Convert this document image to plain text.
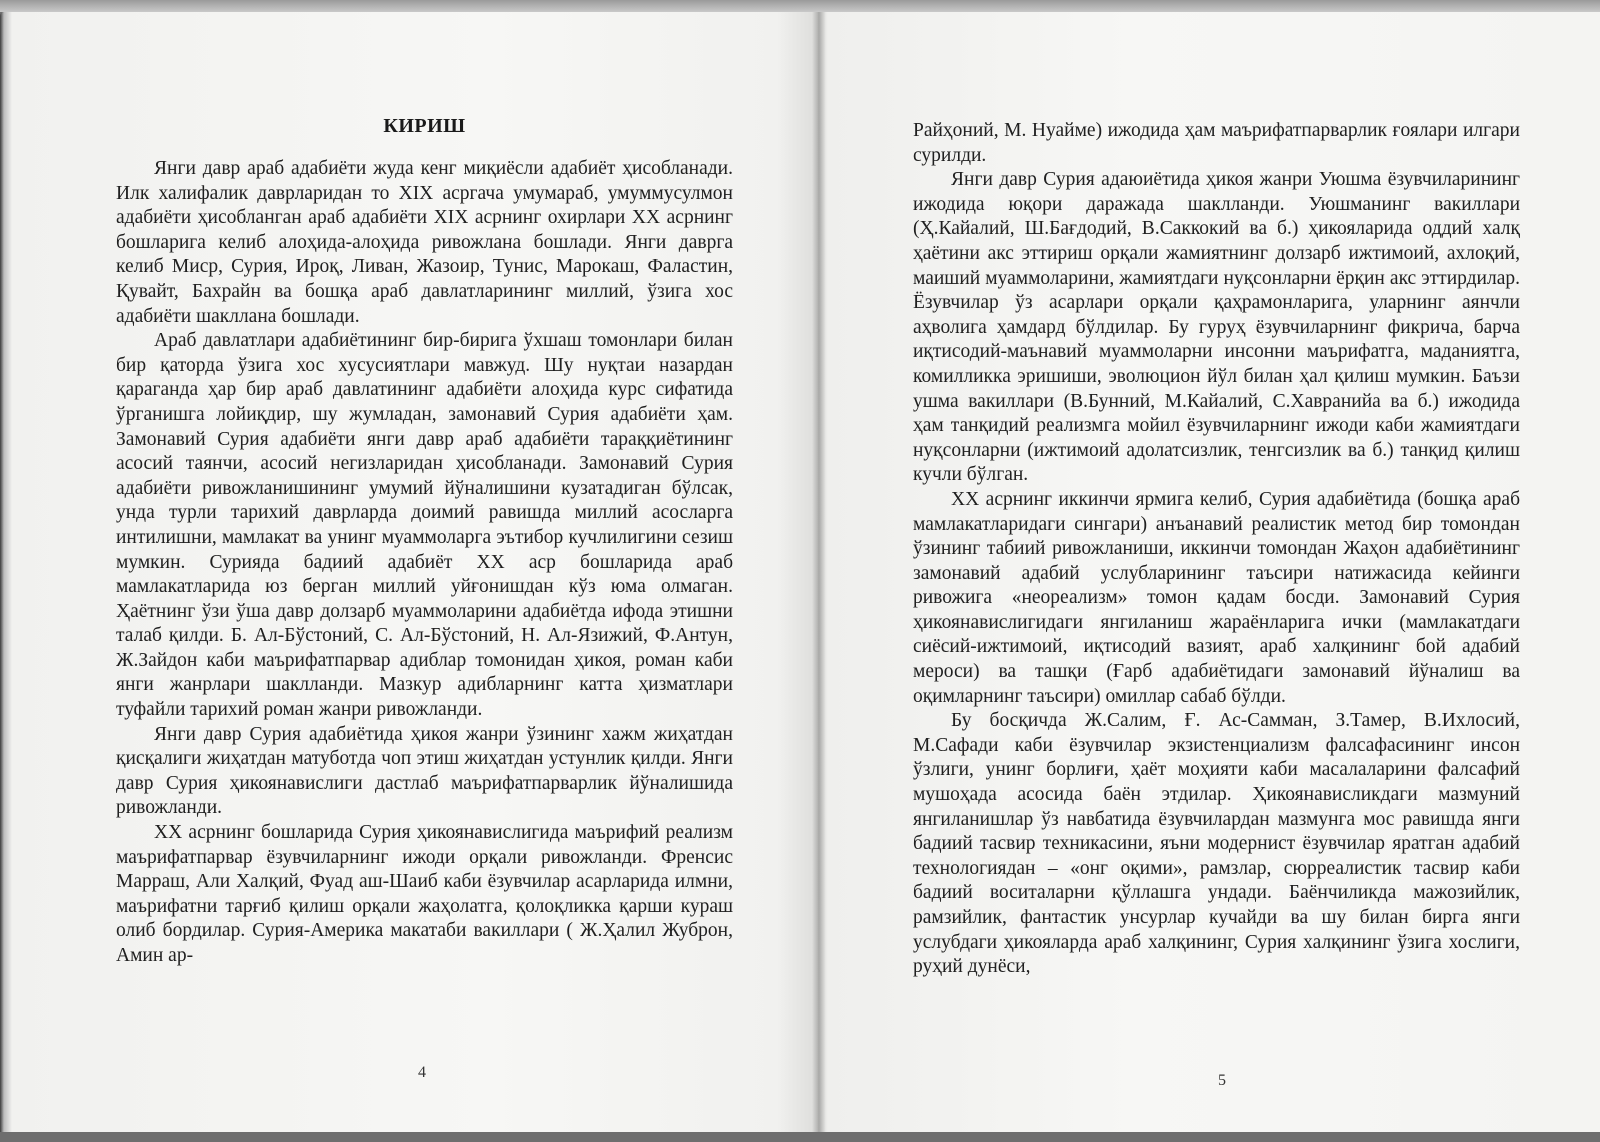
КИРИШ

Янги давр араб адабиёти жуда кенг миқиёсли адабиёт ҳисобланади. Илк халифалик даврларидан то XIX асргача умумараб, умуммусулмон адабиёти ҳисобланган араб адабиёти XIX асрнинг охирлари XX асрнинг бошларига келиб алоҳида-алоҳида ривожлана бошлади. Янги даврга келиб Миср, Сурия, Ироқ, Ливан, Жазоир, Тунис, Марокаш, Фаластин, Қувайт, Бахрайн ва бошқа араб давлатларининг миллий, ўзига хос адабиёти шакллана бошлади.

Араб давлатлари адабиётининг бир-бирига ўхшаш томонлари билан бир қаторда ўзига хос хусусиятлари мавжуд. Шу нуқтаи назардан қараганда ҳар бир араб давлатининг адабиёти алоҳида курс сифатида ўрганишга лойиқдир, шу жумладан, замонавий Сурия адабиёти ҳам. Замонавий Сурия адабиёти янги давр араб адабиёти тараққиётининг асосий таянчи, асосий негизларидан ҳисобланади. Замонавий Сурия адабиёти ривожланишининг умумий йўналишини кузатадиган бўлсак, унда турли тарихий даврларда доимий равишда миллий асосларга интилишни, мамлакат ва унинг муаммоларга эътибор кучлилигини сезиш мумкин. Сурияда бадиий адабиёт XX аср бошларида араб мамлакатларида юз берган миллий уйғонишдан кўз юма олмаган. Ҳаётнинг ўзи ўша давр долзарб муаммоларини адабиётда ифода этишни талаб қилди. Б. Ал-Бўстоний, С. Ал-Бўстоний, Н. Ал-Язижий, Ф.Антун, Ж.Зайдон каби маърифатпарвар адиблар томонидан ҳикоя, роман каби янги жанрлари шаклланди. Мазкур адибларнинг катта ҳизматлари туфайли тарихий роман жанри ривожланди.

Янги давр Сурия адабиётида ҳикоя жанри ўзининг хажм жиҳатдан қисқалиги жиҳатдан матуботда чоп этиш жиҳатдан устунлик қилди. Янги давр Сурия ҳикоянавислиги дастлаб маърифатпарварлик йўналишида ривожланди.

XX асрнинг бошларида Сурия ҳикоянавислигида маърифий реализм маърифатпарвар ёзувчиларнинг ижоди орқали ривожланди. Френсис Марраш, Али Халқий, Фуад аш-Шаиб каби ёзувчилар асарларида илмни, маърифатни тарғиб қилиш орқали жаҳолатга, қолоқликка қарши кураш олиб бордилар. Сурия-Америка макатаби вакиллари ( Ж.Ҳалил Жуброн, Амин ар-

4

Райҳоний, М. Нуайме) ижодида ҳам маърифатпарварлик ғоялари илгари сурилди.

Янги давр Сурия адаюиётида ҳикоя жанри Уюшма ёзувчиларининг ижодида юқори даражада шаклланди. Уюшманинг вакиллари (Ҳ.Кайалий, Ш.Бағдодий, В.Саккокий ва б.) ҳикояларида оддий халқ ҳаётини акс эттириш орқали жамиятнинг долзарб ижтимоий, ахлоқий, маиший муаммоларини, жамиятдаги нуқсонларни ёрқин акс эттирдилар. Ёзувчилар ўз асарлари орқали қаҳрамонларига, уларнинг аянчли аҳволига ҳамдард бўлдилар. Бу гуруҳ ёзувчиларнинг фикрича, барча иқтисодий-маънавий муаммоларни инсонни маърифатга, маданиятга, комилликка эришиши, эволюцион йўл билан ҳал қилиш мумкин. Баъзи ушма вакиллари (В.Бунний, М.Кайалий, С.Хавранийа ва б.) ижодида ҳам танқидий реализмга мойил ёзувчиларнинг ижоди каби жамиятдаги нуқсонларни (ижтимоий адолатсизлик, тенгсизлик ва б.) танқид қилиш кучли бўлган.

XX асрнинг иккинчи ярмига келиб, Сурия адабиётида (бошқа араб мамлакатларидаги сингари) анъанавий реалистик метод бир томондан ўзининг табиий ривожланиши, иккинчи томондан Жаҳон адабиётининг замонавий адабий услубларининг таъсири натижасида кейинги ривожига «неореализм» томон қадам босди. Замонавий Сурия ҳикоянавислигидаги янгиланиш жараёнларига ички (мамлакатдаги сиёсий-ижтимоий, иқтисодий вазият, араб халқининг бой адабий мероси) ва ташқи (Ғарб адабиётидаги замонавий йўналиш ва оқимларнинг таъсири) омиллар сабаб бўлди.

Бу босқичда Ж.Салим, Ғ. Ас-Самман, З.Тамер, В.Ихлосий, М.Сафади каби ёзувчилар экзистенциализм фалсафасининг инсон ўзлиги, унинг борлиғи, ҳаёт моҳияти каби масалаларини фалсафий мушоҳада асосида баён этдилар. Ҳикоянависликдаги мазмуний янгиланишлар ўз навбатида ёзувчилардан мазмунга мос равишда янги бадиий тасвир техникасини, яъни модернист ёзувчилар яратган адабий технологиядан – «онг оқими», рамзлар, сюрреалистик тасвир каби бадиий воситаларни қўллашга ундади. Баёнчиликда мажозийлик, рамзийлик, фантастик унсурлар кучайди ва шу билан бирга янги услубдаги ҳикояларда араб халқининг, Сурия халқининг ўзига хослиги, руҳий дунёси,

5
